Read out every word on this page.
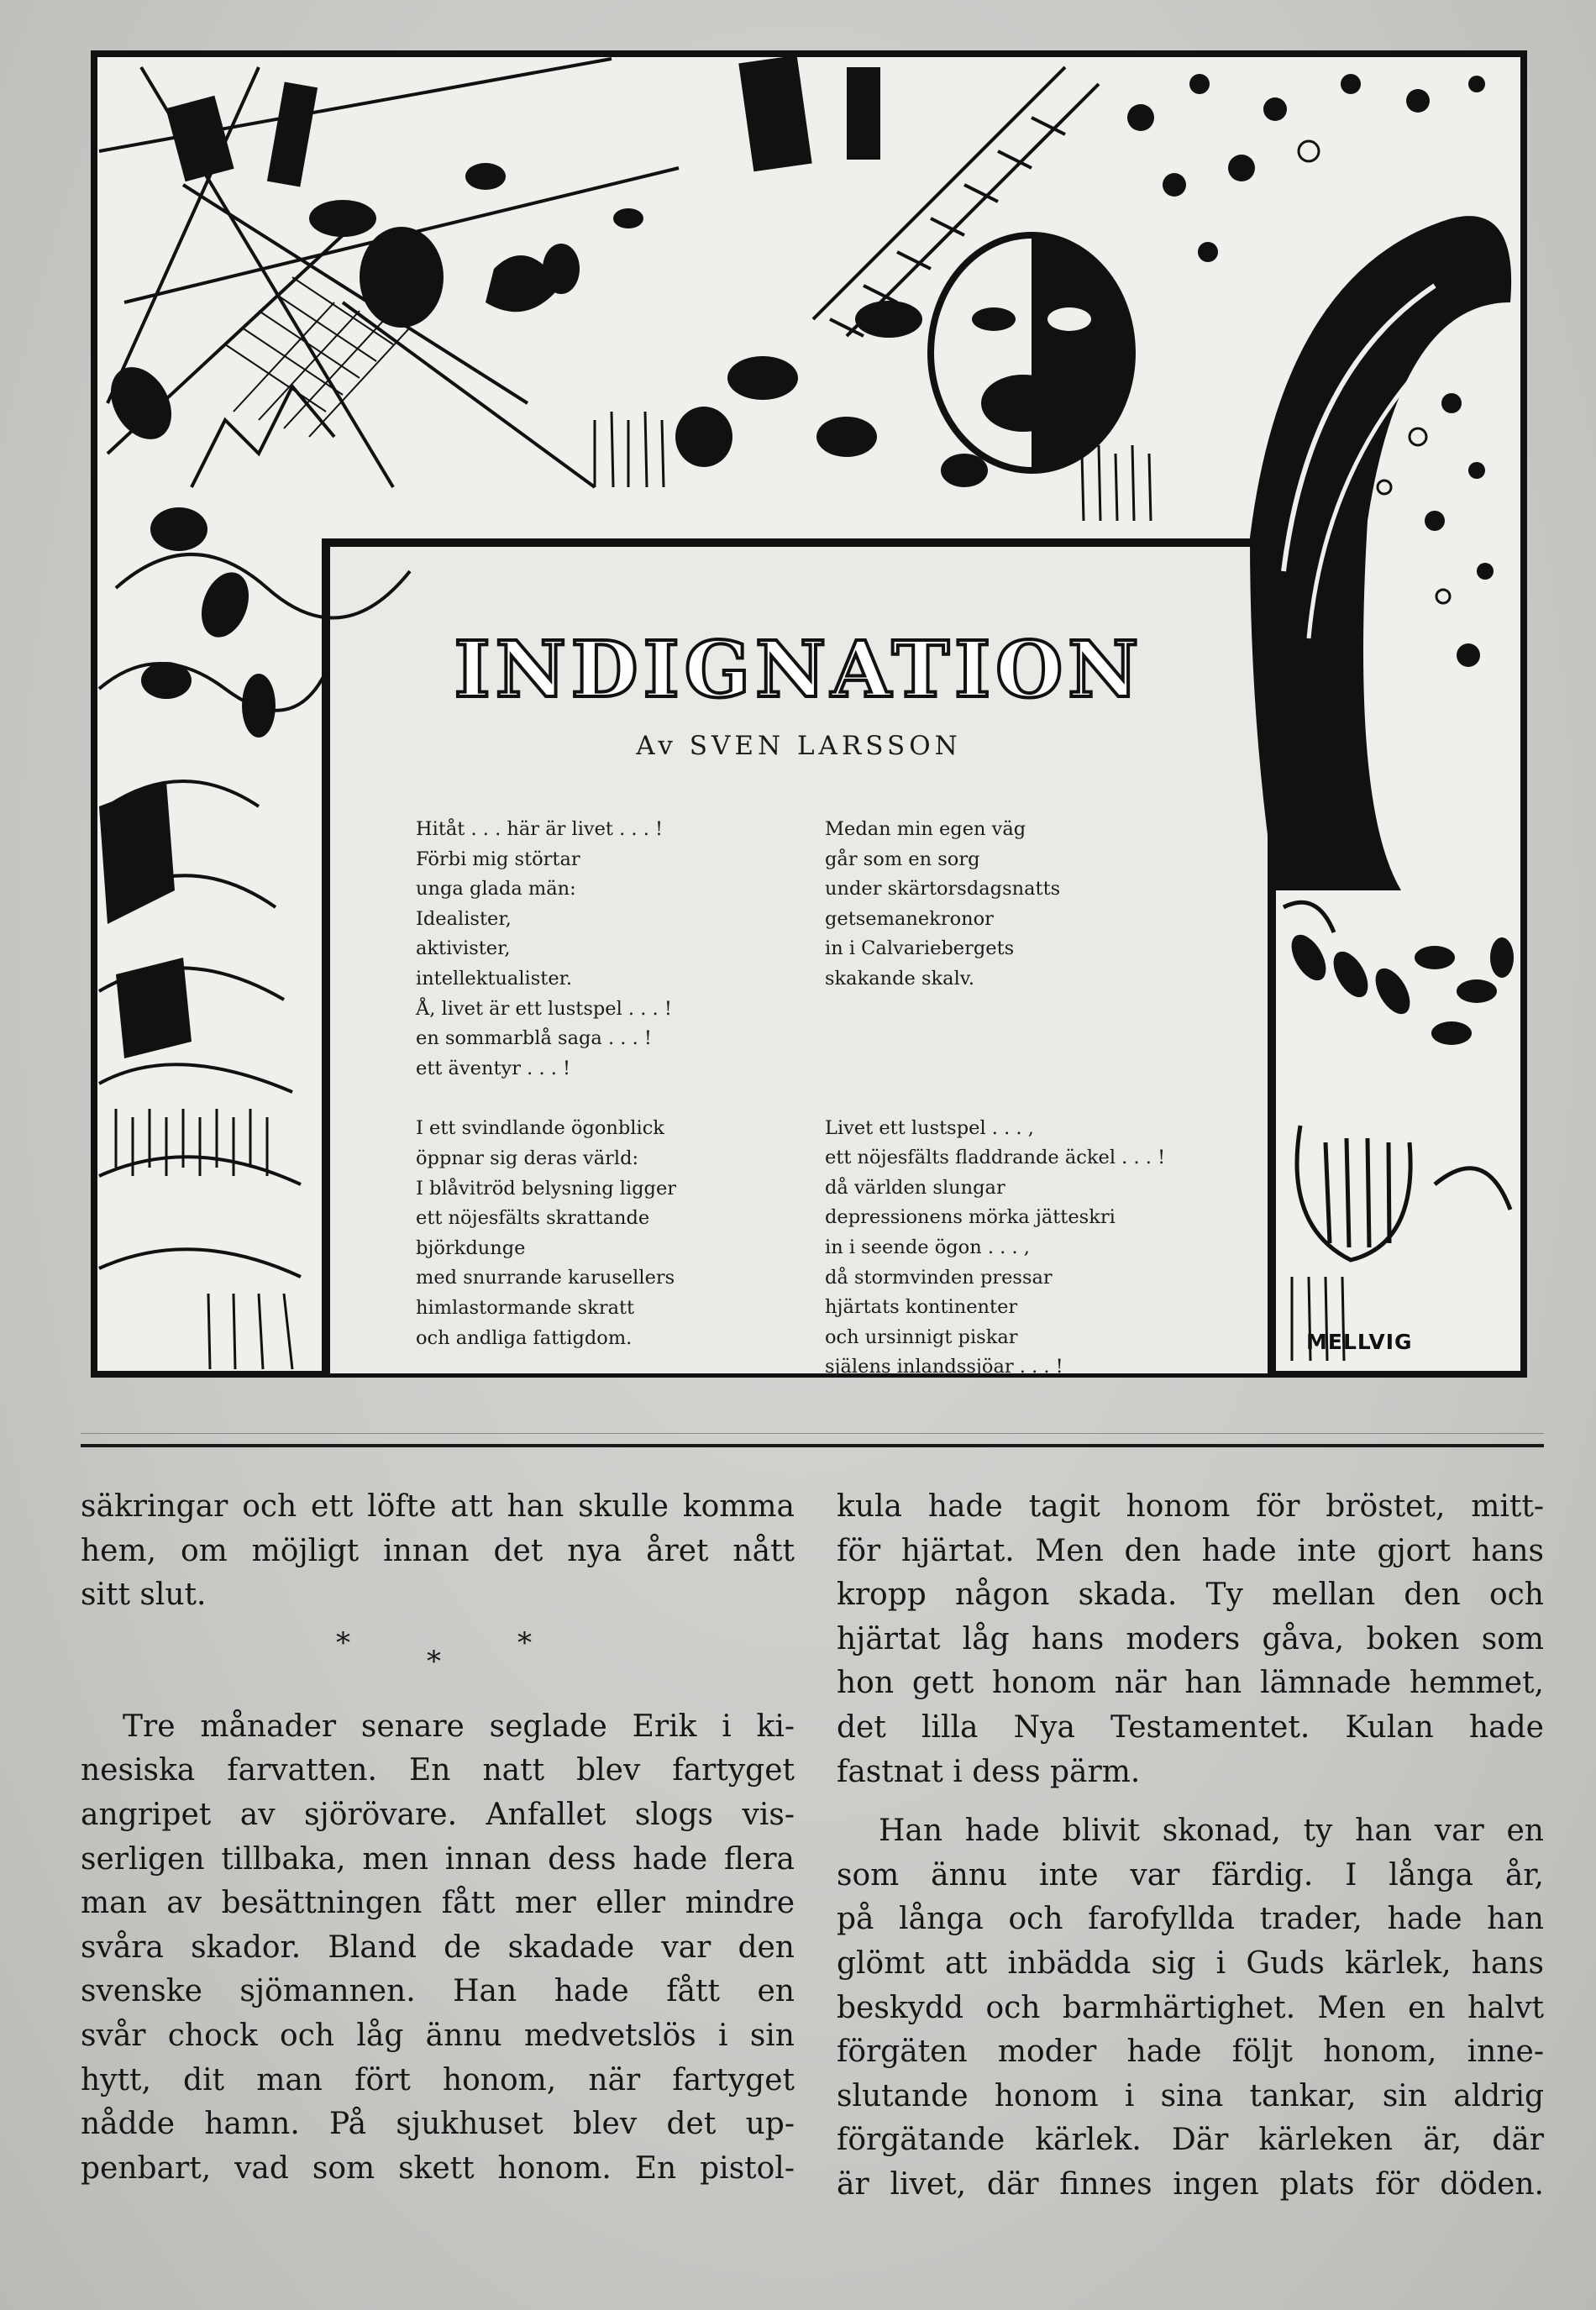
INDIGNATION
Av SVEN LARSSON
Hitåt . . . här är livet . . . !
Förbi mig störtar
unga glada män:
Idealister,
aktivister,
intellektualister.
Å, livet är ett lustspel . . . !
en sommarblå saga . . . !
ett äventyr . . . !
I ett svindlande ögonblick
öppnar sig deras värld:
I blåvitröd belysning ligger
ett nöjesfälts skrattande
björkdunge
med snurrande karusellers
himlastormande skratt
och andliga fattigdom.
Medan min egen väg
går som en sorg
under skärtorsdagsnatts
getsemanekronor
in i Calvariebergets
skakande skalv.
Livet ett lustspel . . . ,
ett nöjesfälts fladdrande äckel . . . !
då världen slungar
depressionens mörka jätteskri
in i seende ögon . . . ,
då stormvinden pressar
hjärtats kontinenter
och ursinnigt piskar
själens inlandssjöar . . . !
MELLVIG
säkringar och ett löfte att han skulle komma
hem, om möjligt innan det nya året nått
sitt slut.
*
*
*
Tre månader senare seglade Erik i ki-
nesiska farvatten. En natt blev fartyget
angripet av sjörövare. Anfallet slogs vis-
serligen tillbaka, men innan dess hade flera
man av besättningen fått mer eller mindre
svåra skador. Bland de skadade var den
svenske sjömannen. Han hade fått en
svår chock och låg ännu medvetslös i sin
hytt, dit man fört honom, när fartyget
nådde hamn. På sjukhuset blev det up-
penbart, vad som skett honom. En pistol-
kula hade tagit honom för bröstet, mitt-
för hjärtat. Men den hade inte gjort hans
kropp någon skada. Ty mellan den och
hjärtat låg hans moders gåva, boken som
hon gett honom när han lämnade hemmet,
det lilla Nya Testamentet. Kulan hade
fastnat i dess pärm.
Han hade blivit skonad, ty han var en
som ännu inte var färdig. I långa år,
på långa och farofyllda trader, hade han
glömt att inbädda sig i Guds kärlek, hans
beskydd och barmhärtighet. Men en halvt
förgäten moder hade följt honom, inne-
slutande honom i sina tankar, sin aldrig
förgätande kärlek. Där kärleken är, där
är livet, där finnes ingen plats för döden.
